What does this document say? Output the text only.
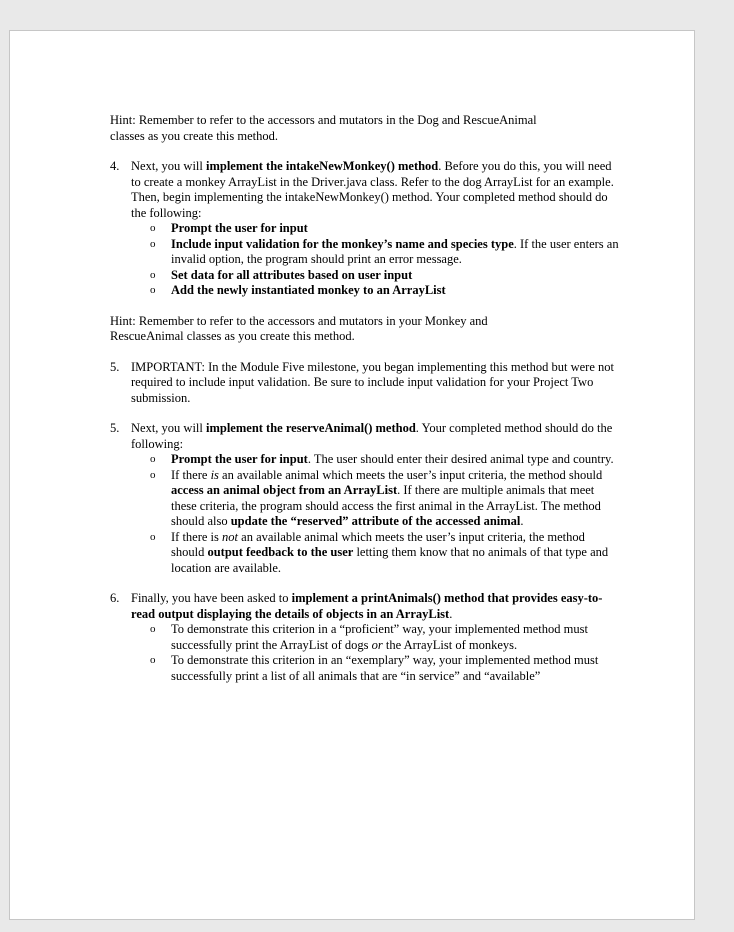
Hint: Remember to refer to the accessors and mutators in the Dog and RescueAnimal
classes as you create this method.

4. Next, you will implement the intakeNewMonkey() method. Before you do this, you will need to create a monkey ArrayList in the Driver.java class. Refer to the dog ArrayList for an example. Then, begin implementing the intakeNewMonkey() method. Your completed method should do the following:

o Prompt the user for input
o Include input validation for the monkey’s name and species type. If the user enters an invalid option, the program should print an error message.
o Set data for all attributes based on user input
o Add the newly instantiated monkey to an ArrayList

Hint: Remember to refer to the accessors and mutators in your Monkey and
RescueAnimal classes as you create this method.

5. IMPORTANT: In the Module Five milestone, you began implementing this method but were not required to include input validation. Be sure to include input validation for your Project Two submission.

5. Next, you will implement the reserveAnimal() method. Your completed method should do the following:

o Prompt the user for input. The user should enter their desired animal type and country.
o If there is an available animal which meets the user’s input criteria, the method should access an animal object from an ArrayList. If there are multiple animals that meet these criteria, the program should access the first animal in the ArrayList. The method should also update the “reserved” attribute of the accessed animal.
o If there is not an available animal which meets the user’s input criteria, the method should output feedback to the user letting them know that no animals of that type and location are available.
6. Finally, you have been asked to implement a printAnimals() method that provides easy-to-read output displaying the details of objects in an ArrayList.

o To demonstrate this criterion in a “proficient” way, your implemented method must successfully print the ArrayList of dogs or the ArrayList of monkeys.
o To demonstrate this criterion in an “exemplary” way, your implemented method must successfully print a list of all animals that are “in service” and “available”
